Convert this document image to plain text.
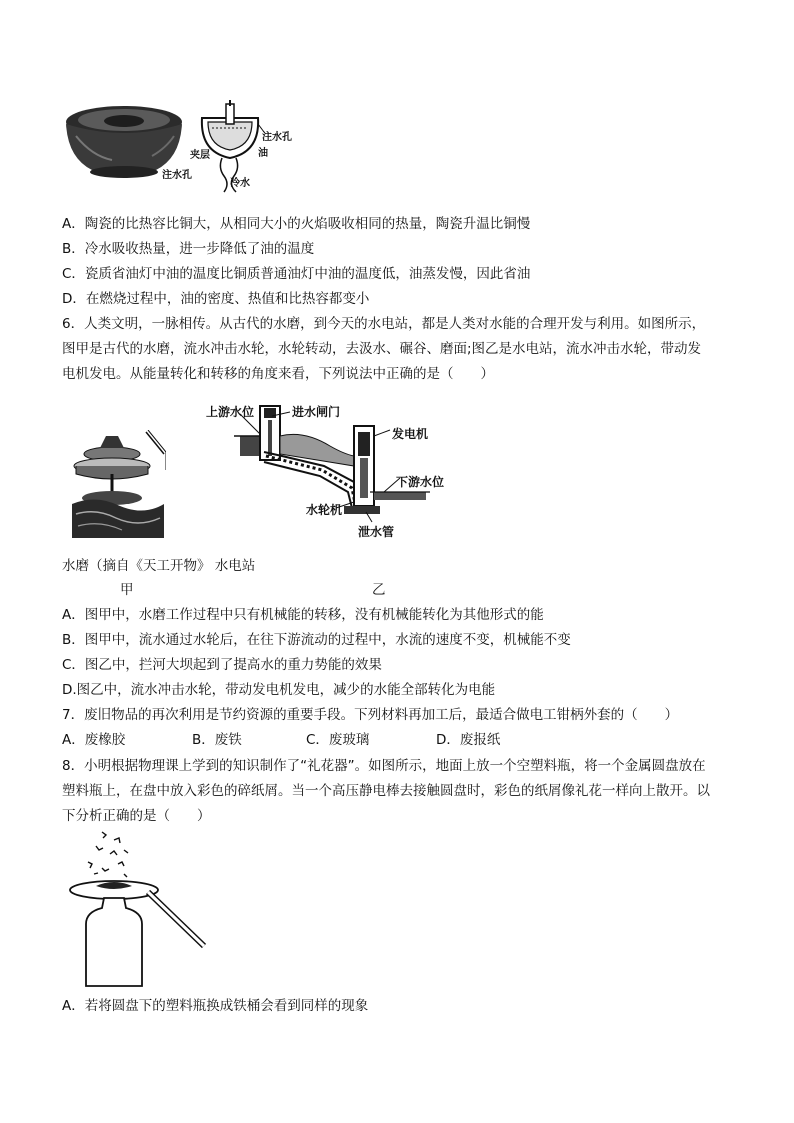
夹层
注水孔
油
注水孔
冷水
A．陶瓷的比热容比铜大，从相同大小的火焰吸收相同的热量，陶瓷升温比铜慢
B．冷水吸收热量，进一步降低了油的温度
C．瓷质省油灯中油的温度比铜质普通油灯中油的温度低，油蒸发慢，因此省油
D．在燃烧过程中，油的密度、热值和比热容都变小
6．人类文明，一脉相传。从古代的水磨，到今天的水电站，都是人类对水能的合理开发与利用。如图所示，
图甲是古代的水磨，流水冲击水轮，水轮转动，去汲水、碾谷、磨面;图乙是水电站，流水冲击水轮，带动发
电机发电。从能量转化和转移的角度来看，下列说法中正确的是（　　）
上游水位	进水闸门
发电机
下游水位
水轮机
泄水管
水磨（摘自《天工开物》 水电站
甲	乙
A．图甲中，水磨工作过程中只有机械能的转移，没有机械能转化为其他形式的能
B．图甲中，流水通过水轮后，在往下游流动的过程中，水流的速度不变，机械能不变
C．图乙中，拦河大坝起到了提高水的重力势能的效果
D.图乙中，流水冲击水轮，带动发电机发电，减少的水能全部转化为电能
7．废旧物品的再次利用是节约资源的重要手段。下列材料再加工后，最适合做电工钳柄外套的（　　）
A．废橡胶	B．废铁	C．废玻璃	D．废报纸
8．小明根据物理课上学到的知识制作了“礼花器”。如图所示，地面上放一个空塑料瓶，将一个金属圆盘放在
塑料瓶上，在盘中放入彩色的碎纸屑。当一个高压静电棒去接触圆盘时，彩色的纸屑像礼花一样向上散开。以
下分析正确的是（　　）
A．若将圆盘下的塑料瓶换成铁桶会看到同样的现象
